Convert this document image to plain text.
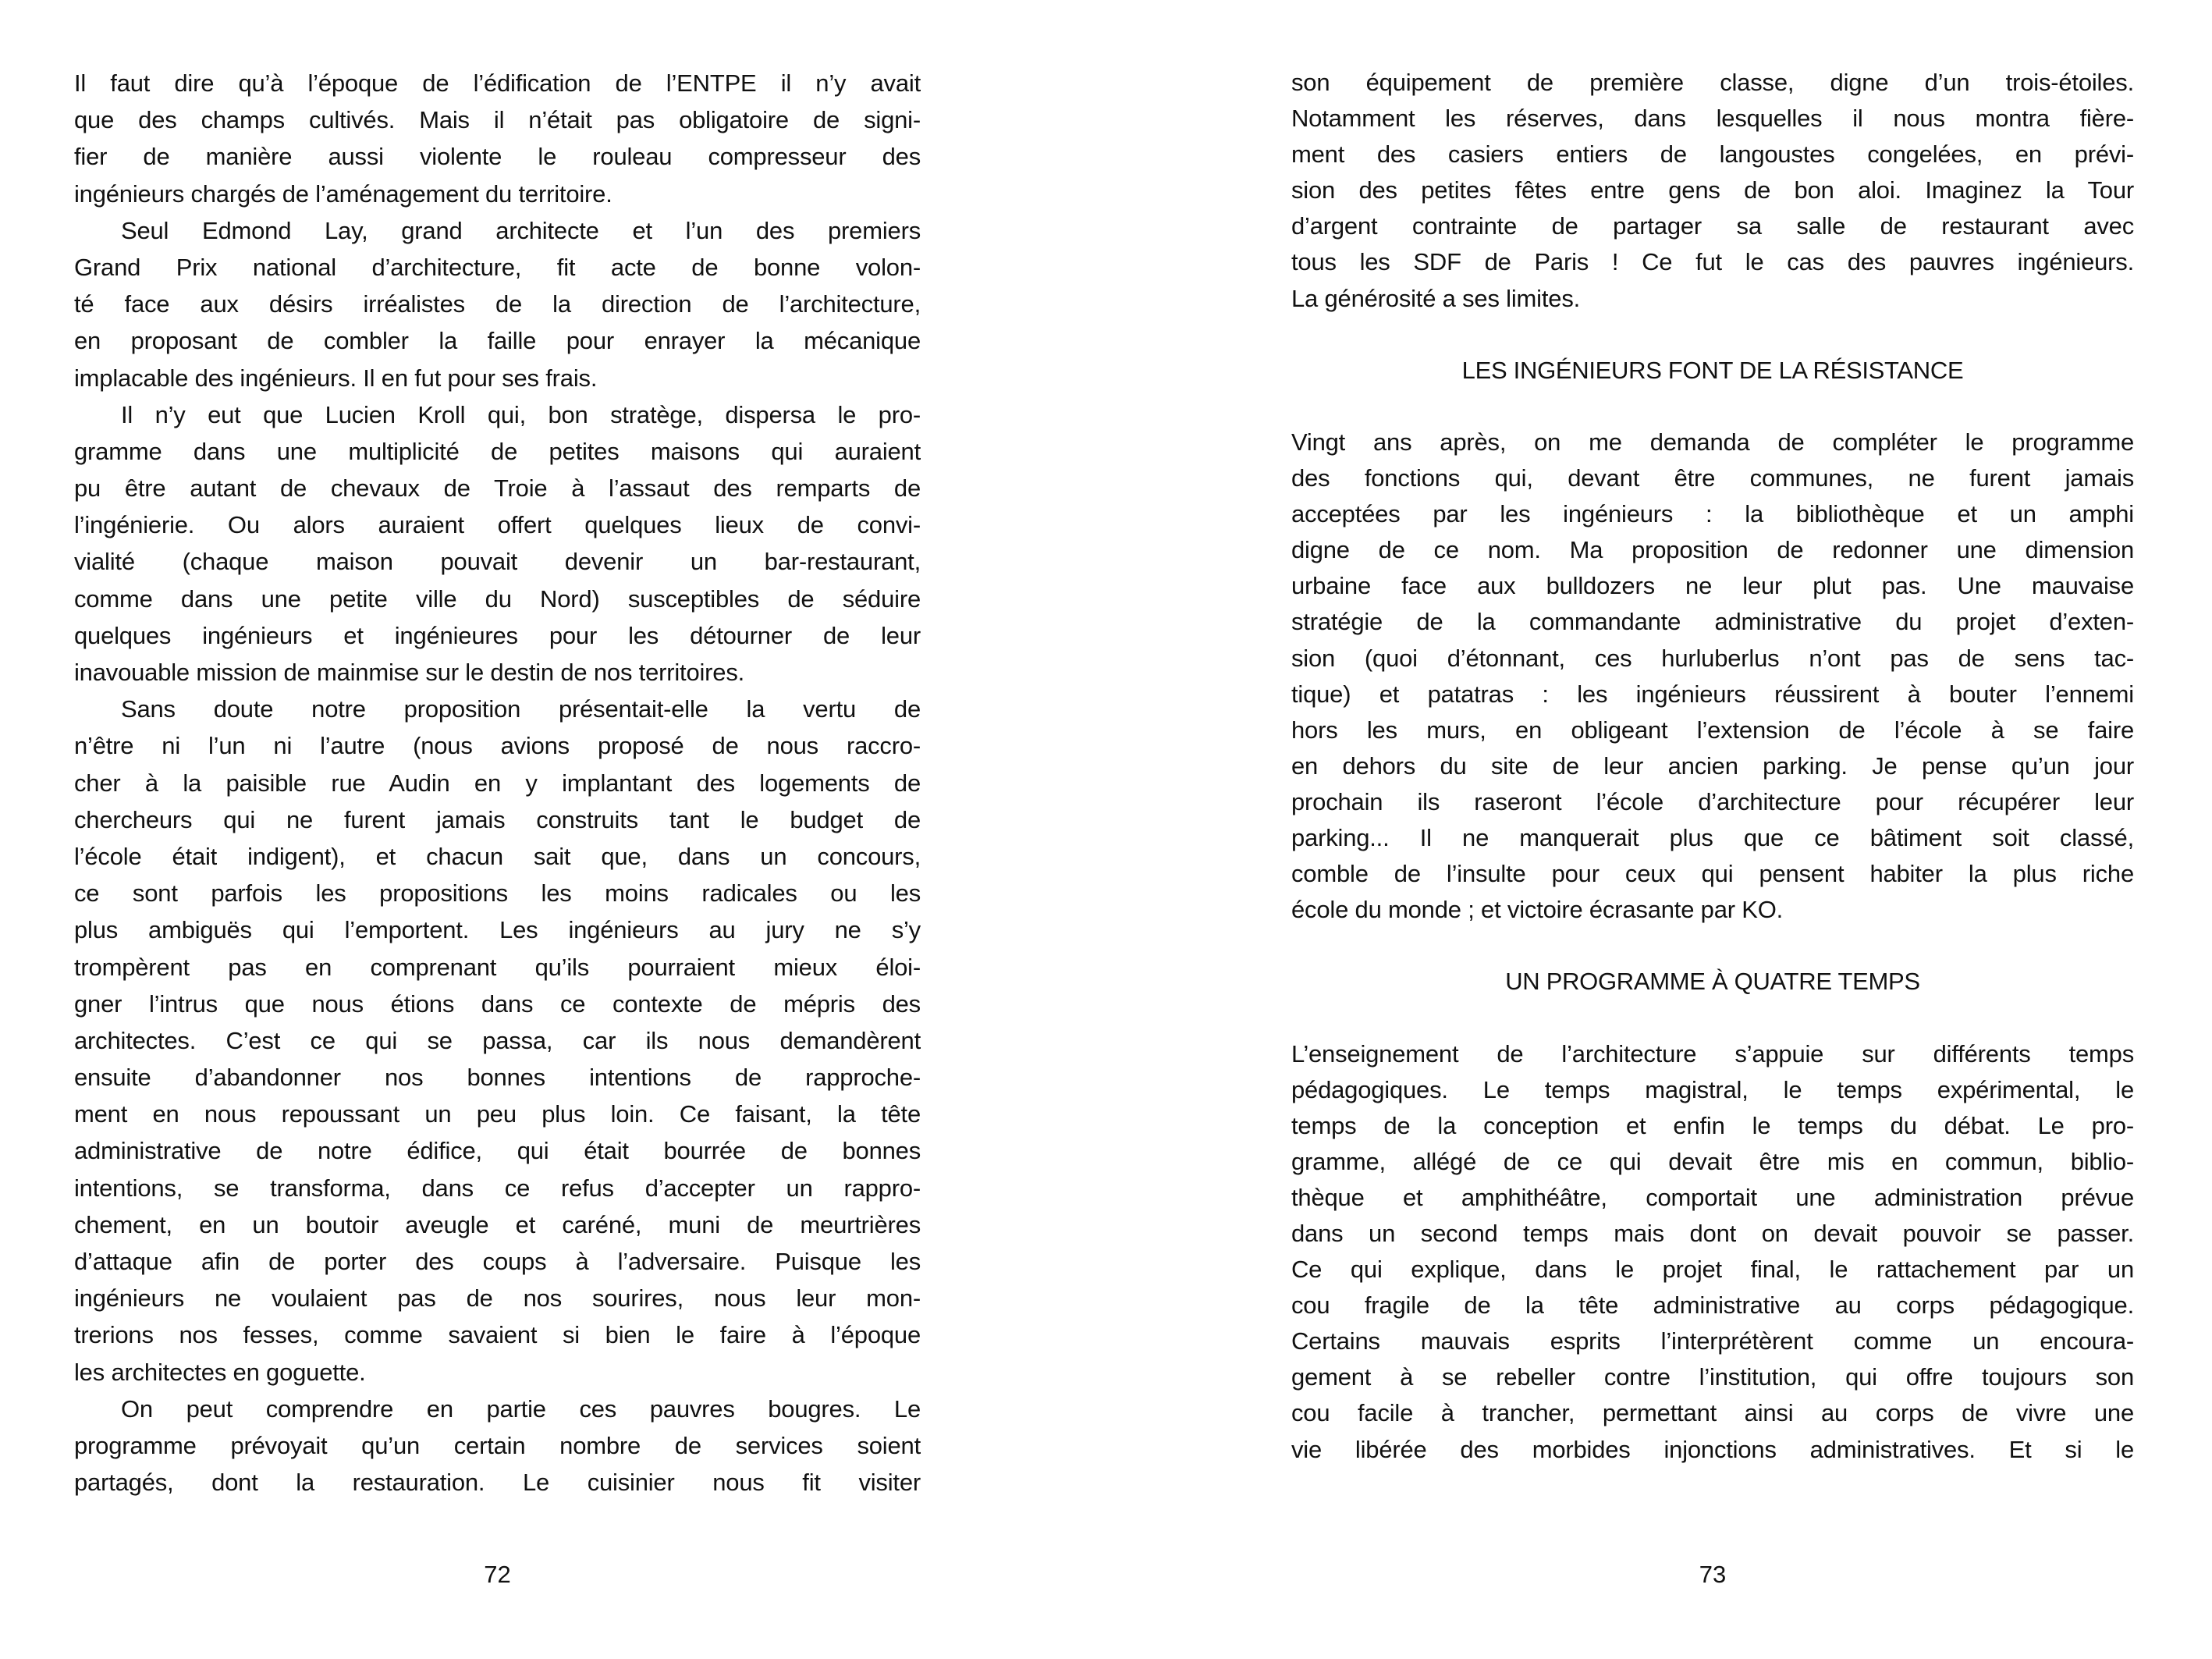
Il faut dire qu’à l’époque de l’édification de l’ENTPE il n’y avait
que des champs cultivés. Mais il n’était pas obligatoire de signi-
fier de manière aussi violente le rouleau compresseur des
ingénieurs chargés de l’aménagement du territoire.
Seul Edmond Lay, grand architecte et l’un des premiers
Grand Prix national d’architecture, fit acte de bonne volon-
té face aux désirs irréalistes de la direction de l’architecture,
en proposant de combler la faille pour enrayer la mécanique
implacable des ingénieurs. Il en fut pour ses frais.
Il n’y eut que Lucien Kroll qui, bon stratège, dispersa le pro-
gramme dans une multiplicité de petites maisons qui auraient
pu être autant de chevaux de Troie à l’assaut des remparts de
l’ingénierie. Ou alors auraient offert quelques lieux de convi-
vialité (chaque maison pouvait devenir un bar-restaurant,
comme dans une petite ville du Nord) susceptibles de séduire
quelques ingénieurs et ingénieures pour les détourner de leur
inavouable mission de mainmise sur le destin de nos territoires.
Sans doute notre proposition présentait-elle la vertu de
n’être ni l’un ni l’autre (nous avions proposé de nous raccro-
cher à la paisible rue Audin en y implantant des logements de
chercheurs qui ne furent jamais construits tant le budget de
l’école était indigent), et chacun sait que, dans un concours,
ce sont parfois les propositions les moins radicales ou les
plus ambiguës qui l’emportent. Les ingénieurs au jury ne s’y
trompèrent pas en comprenant qu’ils pourraient mieux éloi-
gner l’intrus que nous étions dans ce contexte de mépris des
architectes. C’est ce qui se passa, car ils nous demandèrent
ensuite d’abandonner nos bonnes intentions de rapproche-
ment en nous repoussant un peu plus loin. Ce faisant, la tête
administrative de notre édifice, qui était bourrée de bonnes
intentions, se transforma, dans ce refus d’accepter un rappro-
chement, en un boutoir aveugle et caréné, muni de meurtrières
d’attaque afin de porter des coups à l’adversaire. Puisque les
ingénieurs ne voulaient pas de nos sourires, nous leur mon-
trerions nos fesses, comme savaient si bien le faire à l’époque
les architectes en goguette.
On peut comprendre en partie ces pauvres bougres. Le
programme prévoyait qu’un certain nombre de services soient
partagés, dont la restauration. Le cuisinier nous fit visiter
72
son équipement de première classe, digne d’un trois-étoiles.
Notamment les réserves, dans lesquelles il nous montra fière-
ment des casiers entiers de langoustes congelées, en prévi-
sion des petites fêtes entre gens de bon aloi. Imaginez la Tour
d’argent contrainte de partager sa salle de restaurant avec
tous les SDF de Paris ! Ce fut le cas des pauvres ingénieurs.
La générosité a ses limites.
LES INGÉNIEURS FONT DE LA RÉSISTANCE
Vingt ans après, on me demanda de compléter le programme
des fonctions qui, devant être communes, ne furent jamais
acceptées par les ingénieurs : la bibliothèque et un amphi
digne de ce nom. Ma proposition de redonner une dimension
urbaine face aux bulldozers ne leur plut pas. Une mauvaise
stratégie de la commandante administrative du projet d’exten-
sion (quoi d’étonnant, ces hurluberlus n’ont pas de sens tac-
tique) et patatras : les ingénieurs réussirent à bouter l’ennemi
hors les murs, en obligeant l’extension de l’école à se faire
en dehors du site de leur ancien parking. Je pense qu’un jour
prochain ils raseront l’école d’architecture pour récupérer leur
parking... Il ne manquerait plus que ce bâtiment soit classé,
comble de l’insulte pour ceux qui pensent habiter la plus riche
école du monde ; et victoire écrasante par KO.
UN PROGRAMME À QUATRE TEMPS
L’enseignement de l’architecture s’appuie sur différents temps
pédagogiques. Le temps magistral, le temps expérimental, le
temps de la conception et enfin le temps du débat. Le pro-
gramme, allégé de ce qui devait être mis en commun, biblio-
thèque et amphithéâtre, comportait une administration prévue
dans un second temps mais dont on devait pouvoir se passer.
Ce qui explique, dans le projet final, le rattachement par un
cou fragile de la tête administrative au corps pédagogique.
Certains mauvais esprits l’interprétèrent comme un encoura-
gement à se rebeller contre l’institution, qui offre toujours son
cou facile à trancher, permettant ainsi au corps de vivre une
vie libérée des morbides injonctions administratives. Et si le
73
